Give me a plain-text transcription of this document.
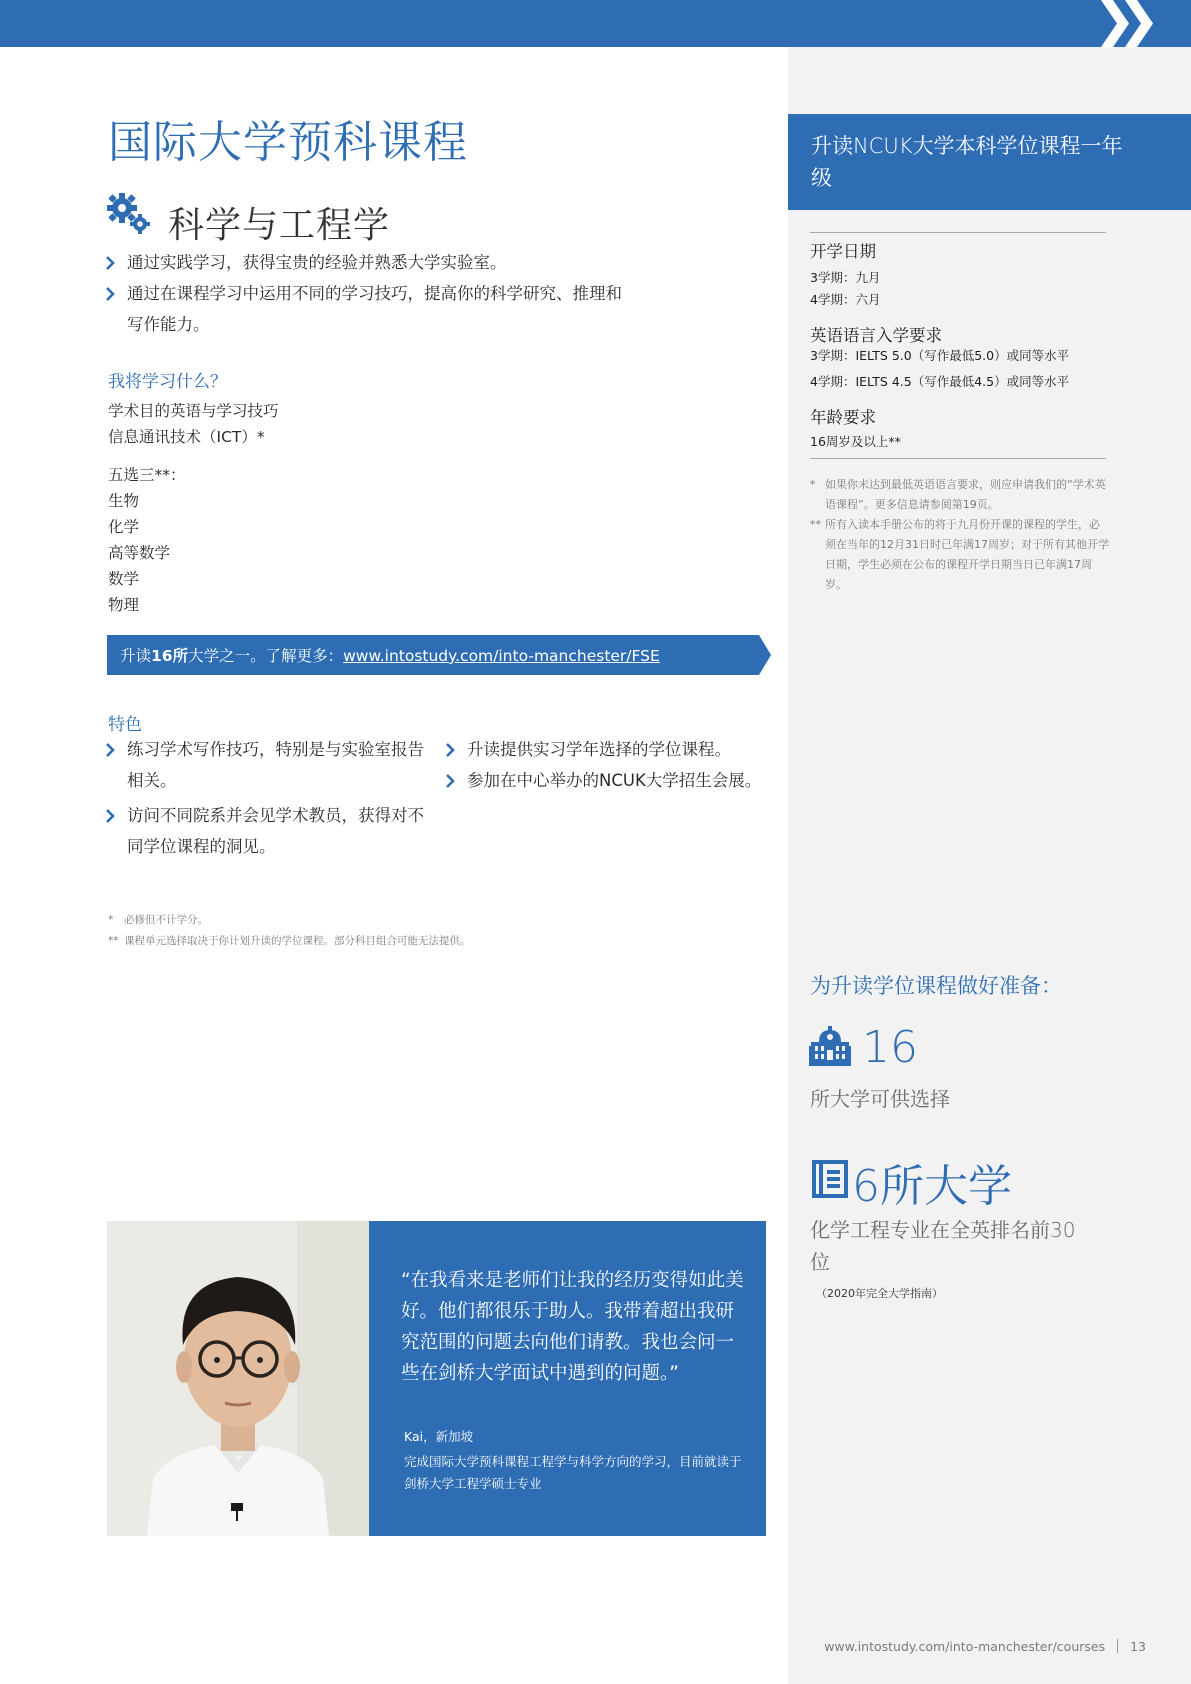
国际大学预科课程
科学与工程学
通过实践学习，获得宝贵的经验并熟悉大学实验室。
通过在课程学习中运用不同的学习技巧，提高你的科学研究、推理和写作能力。
我将学习什么？
学术目的英语与学习技巧
信息通讯技术（ICT）*
五选三**：
生物
化学
高等数学
数学
物理
升读16所大学之一。了解更多：www.intostudy.com/into-manchester/FSE
特色
练习学术写作技巧，特别是与实验室报告相关。
访问不同院系并会见学术教员，获得对不同学位课程的洞见。
升读提供实习学年选择的学位课程。
参加在中心举办的NCUK大学招生会展。
* 必修但不计学分。
** 课程单元选择取决于你计划升读的学位课程。部分科目组合可能无法提供。
“在我看来是老师们让我的经历变得如此美好。他们都很乐于助人。我带着超出我研究范围的问题去向他们请教。我也会问一些在剑桥大学面试中遇到的问题。”
Kai，新加坡
完成国际大学预科课程工程学与科学方向的学习，目前就读于剑桥大学工程学硕士专业
升读NCUK大学本科学位课程一年级
开学日期
3学期：九月
4学期：六月
英语语言入学要求
3学期：IELTS 5.0（写作最低5.0）或同等水平
4学期：IELTS 4.5（写作最低4.5）或同等水平
年龄要求
16周岁及以上**
* 如果你未达到最低英语语言要求，则应申请我们的“学术英语课程”。更多信息请参阅第19页。
** 所有入读本手册公布的将于九月份开课的课程的学生，必须在当年的12月31日时已年满17周岁；对于所有其他开学日期，学生必须在公布的课程开学日期当日已年满17周岁。
为升读学位课程做好准备：
16
所大学可供选择
6所大学
化学工程专业在全英排名前30位
（2020年完全大学指南）
www.intostudy.com/into-manchester/courses 13
